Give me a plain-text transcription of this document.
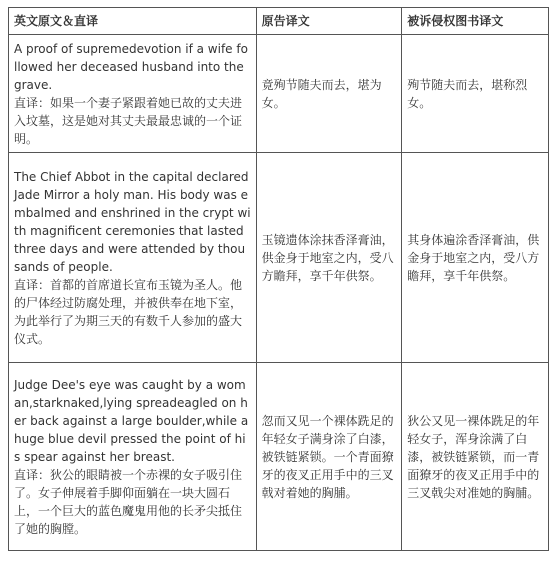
英文原文＆直译	原告译文	被诉侵权图书译文

A proof of supremedevotion if a wife followed her deceased husband into the grave.
直译：如果一个妻子紧跟着她已故的丈夫进入坟墓，这是她对其丈夫最最忠诚的一个证明。	竟殉节随夫而去，堪为女。	殉节随夫而去，堪称烈女。

The Chief Abbot in the capital declared Jade Mirror a holy man. His body was embalmed and enshrined in the crypt with magnificent ceremonies that lasted three days and were attended by thousands of people.
直译：首都的首席道长宣布玉镜为圣人。他的尸体经过防腐处理，并被供奉在地下室，为此举行了为期三天的有数千人参加的盛大仪式。	玉镜遗体涂抹香泽膏油，供金身于地室之内，受八方瞻拜，享千年供祭。	其身体遍涂香泽膏油，供金身于地室之内，受八方瞻拜，享千年供祭。

Judge Dee's eye was caught by a woman,starknaked,lying spreadeagled on her back against a large boulder,while a huge blue devil pressed the point of his spear against her breast.
直译：狄公的眼睛被一个赤裸的女子吸引住了。女子伸展着手脚仰面躺在一块大圆石上，一个巨大的蓝色魔鬼用他的长矛尖抵住了她的胸膛。	忽而又见一个裸体跣足的年轻女子满身涂了白漆，被铁链紧锁。一个青面獠牙的夜叉正用手中的三叉戟对着她的胸脯。	狄公又见一裸体跣足的年轻女子，浑身涂满了白漆，被铁链紧锁，而一青面獠牙的夜叉正用手中的三叉戟尖对准她的胸脯。
